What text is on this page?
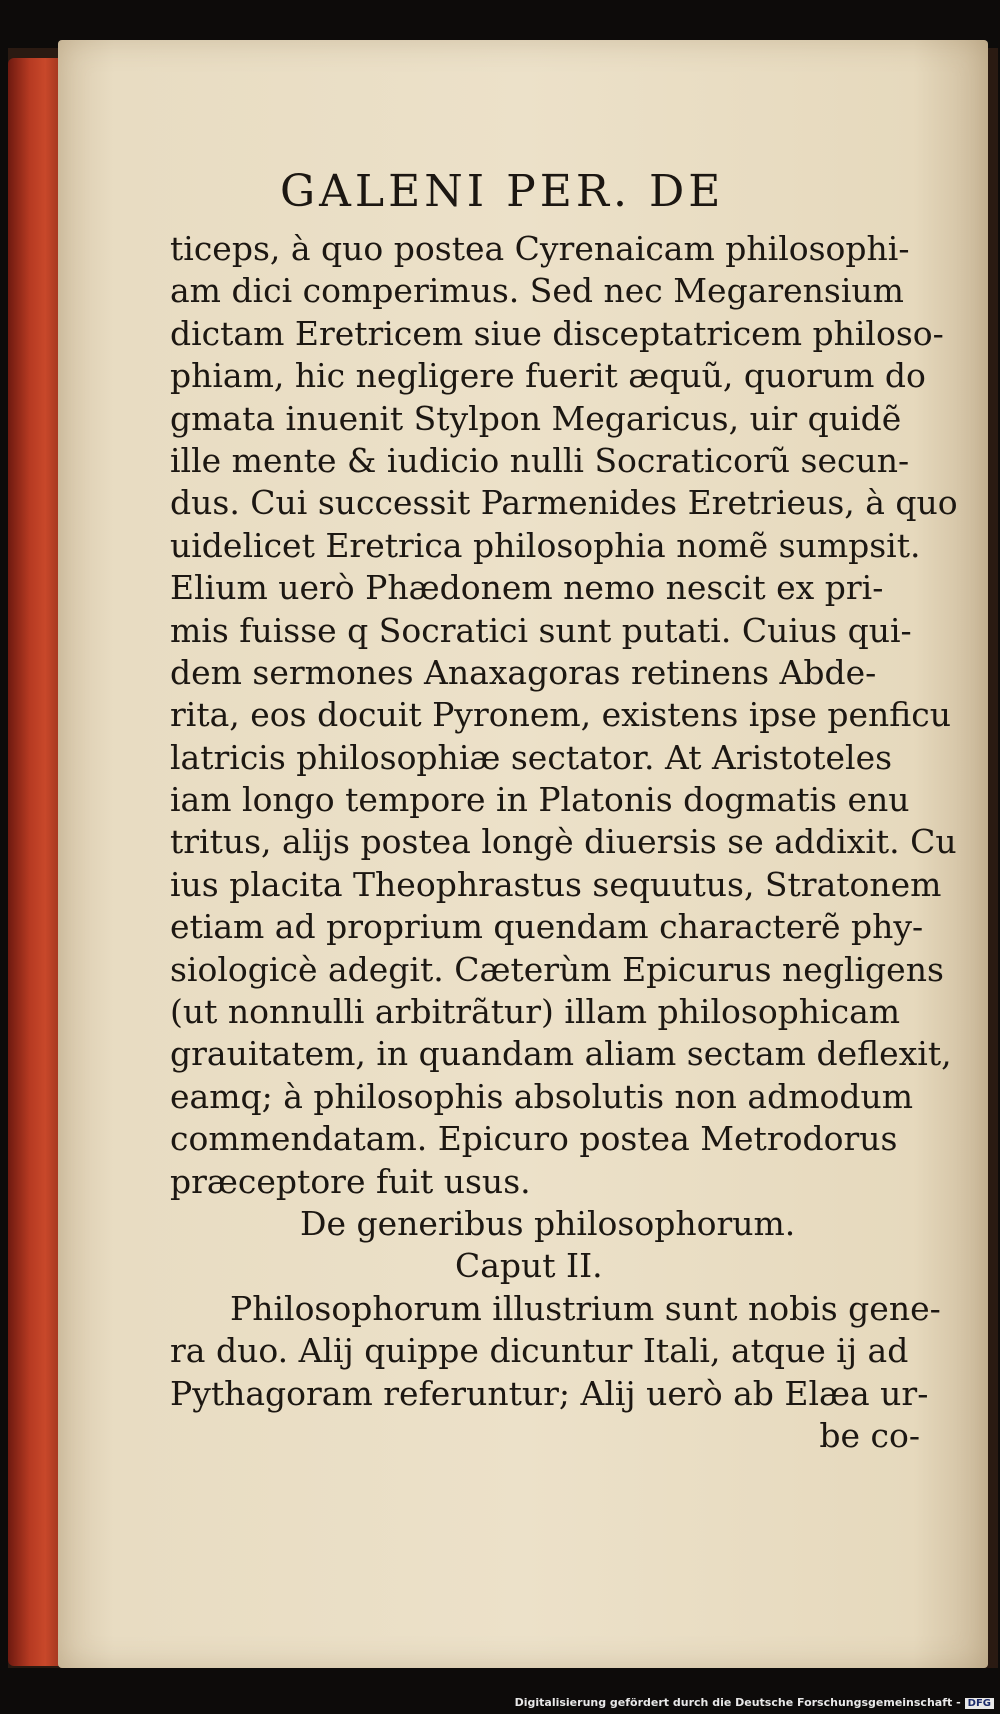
GALENI PER. DE
ticeps, à quo postea Cyrenaicam philosophi-
am dici comperimus. Sed nec Megarensium
dictam Eretricem siue disceptatricem philoso-
phiam, hic negligere fuerit æquũ, quorum do
gmata inuenit Stylpon Megaricus, uir quidẽ
ille mente & iudicio nulli Socraticorũ secun-
dus. Cui successit Parmenides Eretrieus, à quo
uidelicet Eretrica philosophia nomẽ sumpsit.
Elium uerò Phædonem nemo nescit ex pri-
mis fuisse q Socratici sunt putati. Cuius qui-
dem sermones Anaxagoras retinens Abde-
rita, eos docuit Pyronem, existens ipse penficu
latricis philosophiæ sectator. At Aristoteles
iam longo tempore in Platonis dogmatis enu
tritus, alijs postea longè diuersis se addixit. Cu
ius placita Theophrastus sequutus, Stratonem
etiam ad proprium quendam characterẽ phy-
siologicè adegit. Cæterùm Epicurus negligens
(ut nonnulli arbitrãtur) illam philosophicam
grauitatem, in quandam aliam sectam deflexit,
eamq; à philosophis absolutis non admodum
commendatam. Epicuro postea Metrodorus
præceptore fuit usus.
De generibus philosophorum.
Caput II.
Philosophorum illustrium sunt nobis gene-
ra duo. Alij quippe dicuntur Itali, atque ij ad
Pythagoram referuntur; Alij uerò ab Elæa ur-
be co-
Digitalisierung gefördert durch die Deutsche Forschungsgemeinschaft - DFG
